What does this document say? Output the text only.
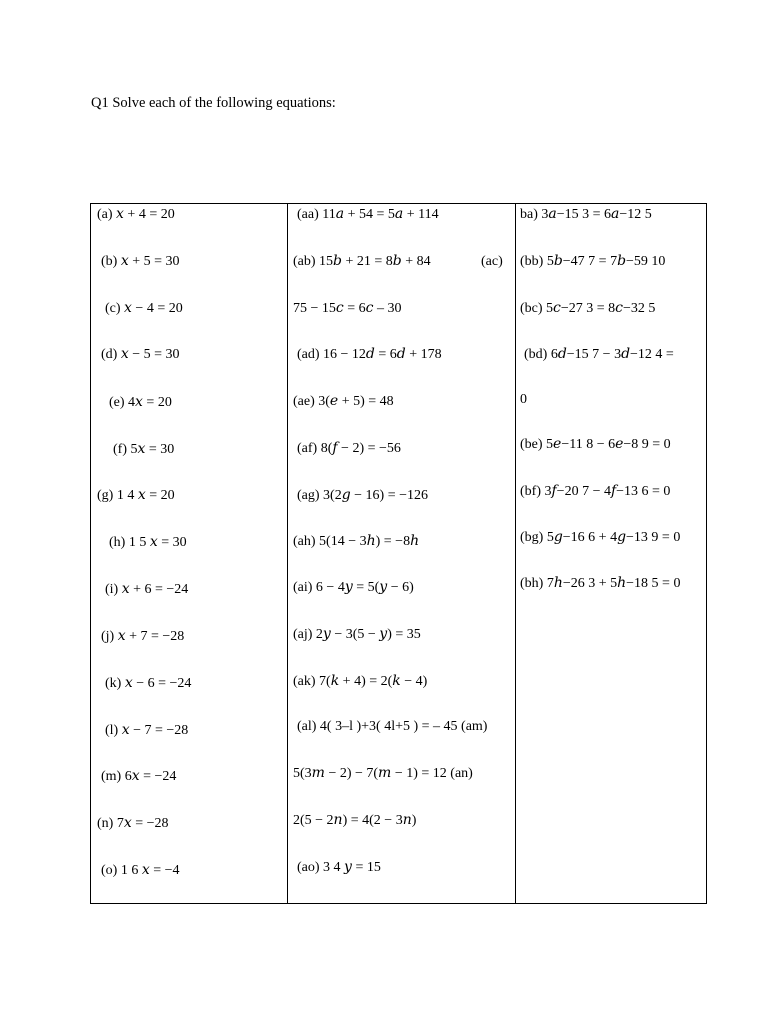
Q1 Solve each of the following equations:
(a) 𝑥 + 4 = 20
(b) 𝑥 + 5 = 30
(c) 𝑥 − 4 = 20
(d) 𝑥 − 5 = 30
(e) 4𝑥 = 20
(f) 5𝑥 = 30
(g) 1 4 𝑥 = 20
(h) 1 5 𝑥 = 30
(i) 𝑥 + 6 = −24
(j) 𝑥 + 7 = −28
(k) 𝑥 − 6 = −24
(l) 𝑥 − 7 = −28
(m) 6𝑥 = −24
(n) 7𝑥 = −28
(o) 1 6 𝑥 = −4
(aa) 11𝑎 + 54 = 5𝑎 + 114
(ab) 15𝑏 + 21 = 8𝑏 + 84	(ac)
75 − 15𝑐 = 6𝑐 – 30
(ad) 16 − 12𝑑 = 6𝑑 + 178
(ae) 3(𝑒 + 5) = 48
(af) 8(𝑓 − 2) = −56
(ag) 3(2𝑔 − 16) = −126
(ah) 5(14 − 3ℎ) = −8ℎ
(ai) 6 − 4𝑦 = 5(𝑦 − 6)
(aj) 2𝑦 − 3(5 − 𝑦) = 35
(ak) 7(𝑘 + 4) = 2(𝑘 − 4)
(al) 4( 3–l )+3( 4l+5 ) = – 45 (am)
5(3𝑚 − 2) − 7(𝑚 − 1) = 12 (an)
2(5 − 2𝑛) = 4(2 − 3𝑛)
(ao) 3 4 𝑦 = 15
ba) 3𝑎−15 3 = 6𝑎−12 5
(bb) 5𝑏−47 7 = 7𝑏−59 10
(bc) 5𝑐−27 3 = 8𝑐−32 5
(bd) 6𝑑−15 7 − 3𝑑−12 4 =
0
(be) 5𝑒−11 8 − 6𝑒−8 9 = 0
(bf) 3𝑓−20 7 − 4𝑓−13 6 = 0
(bg) 5𝑔−16 6 + 4𝑔−13 9 = 0
(bh) 7ℎ−26 3 + 5ℎ−18 5 = 0
